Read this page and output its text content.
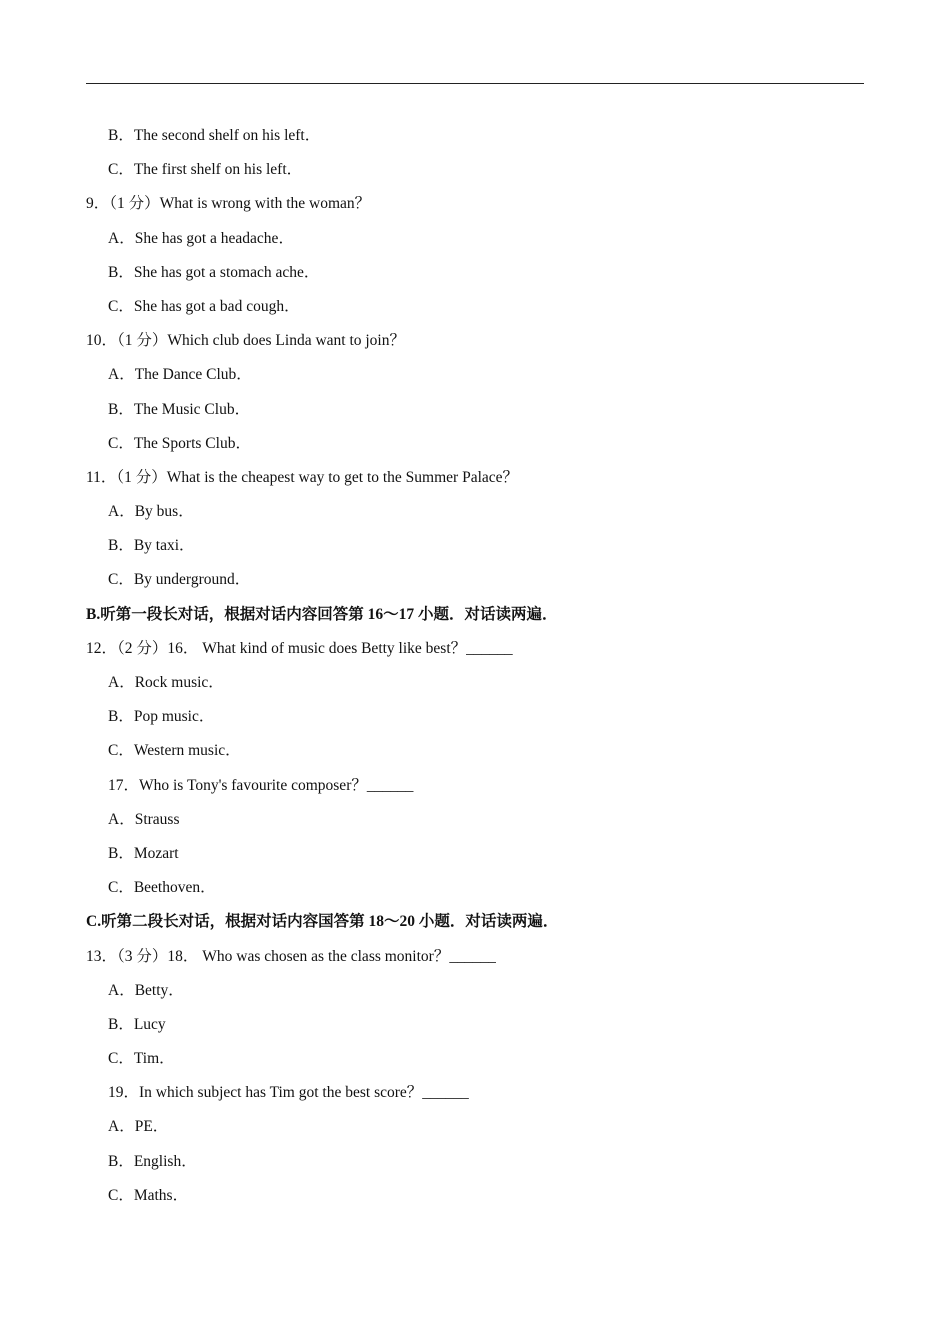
B．The second shelf on his left．
C．The first shelf on his left．
9．（1 分）What is wrong with the woman？
A．She has got a headache．
B．She has got a stomach ache．
C．She has got a bad cough．
10．（1 分）Which club does Linda want to join？
A．The Dance Club．
B．The Music Club．
C．The Sports Club．
11．（1 分）What is the cheapest way to get to the Summer Palace？
A．By bus．
B．By taxi．
C．By underground．
B.听第一段长对话，根据对话内容回答第 16～17 小题．对话读两遍．
12．（2 分）16． What kind of music does Betty like best？______
A．Rock music．
B．Pop music．
C．Western music．
17．Who is Tony's favourite composer？______
A．Strauss
B．Mozart
C．Beethoven．
C.听第二段长对话，根据对话内容国答第 18～20 小题．对话读两遍．
13．（3 分）18． Who was chosen as the class monitor？______
A．Betty．
B．Lucy
C．Tim．
19．In which subject has Tim got the best score？______
A．PE．
B．English．
C．Maths．
